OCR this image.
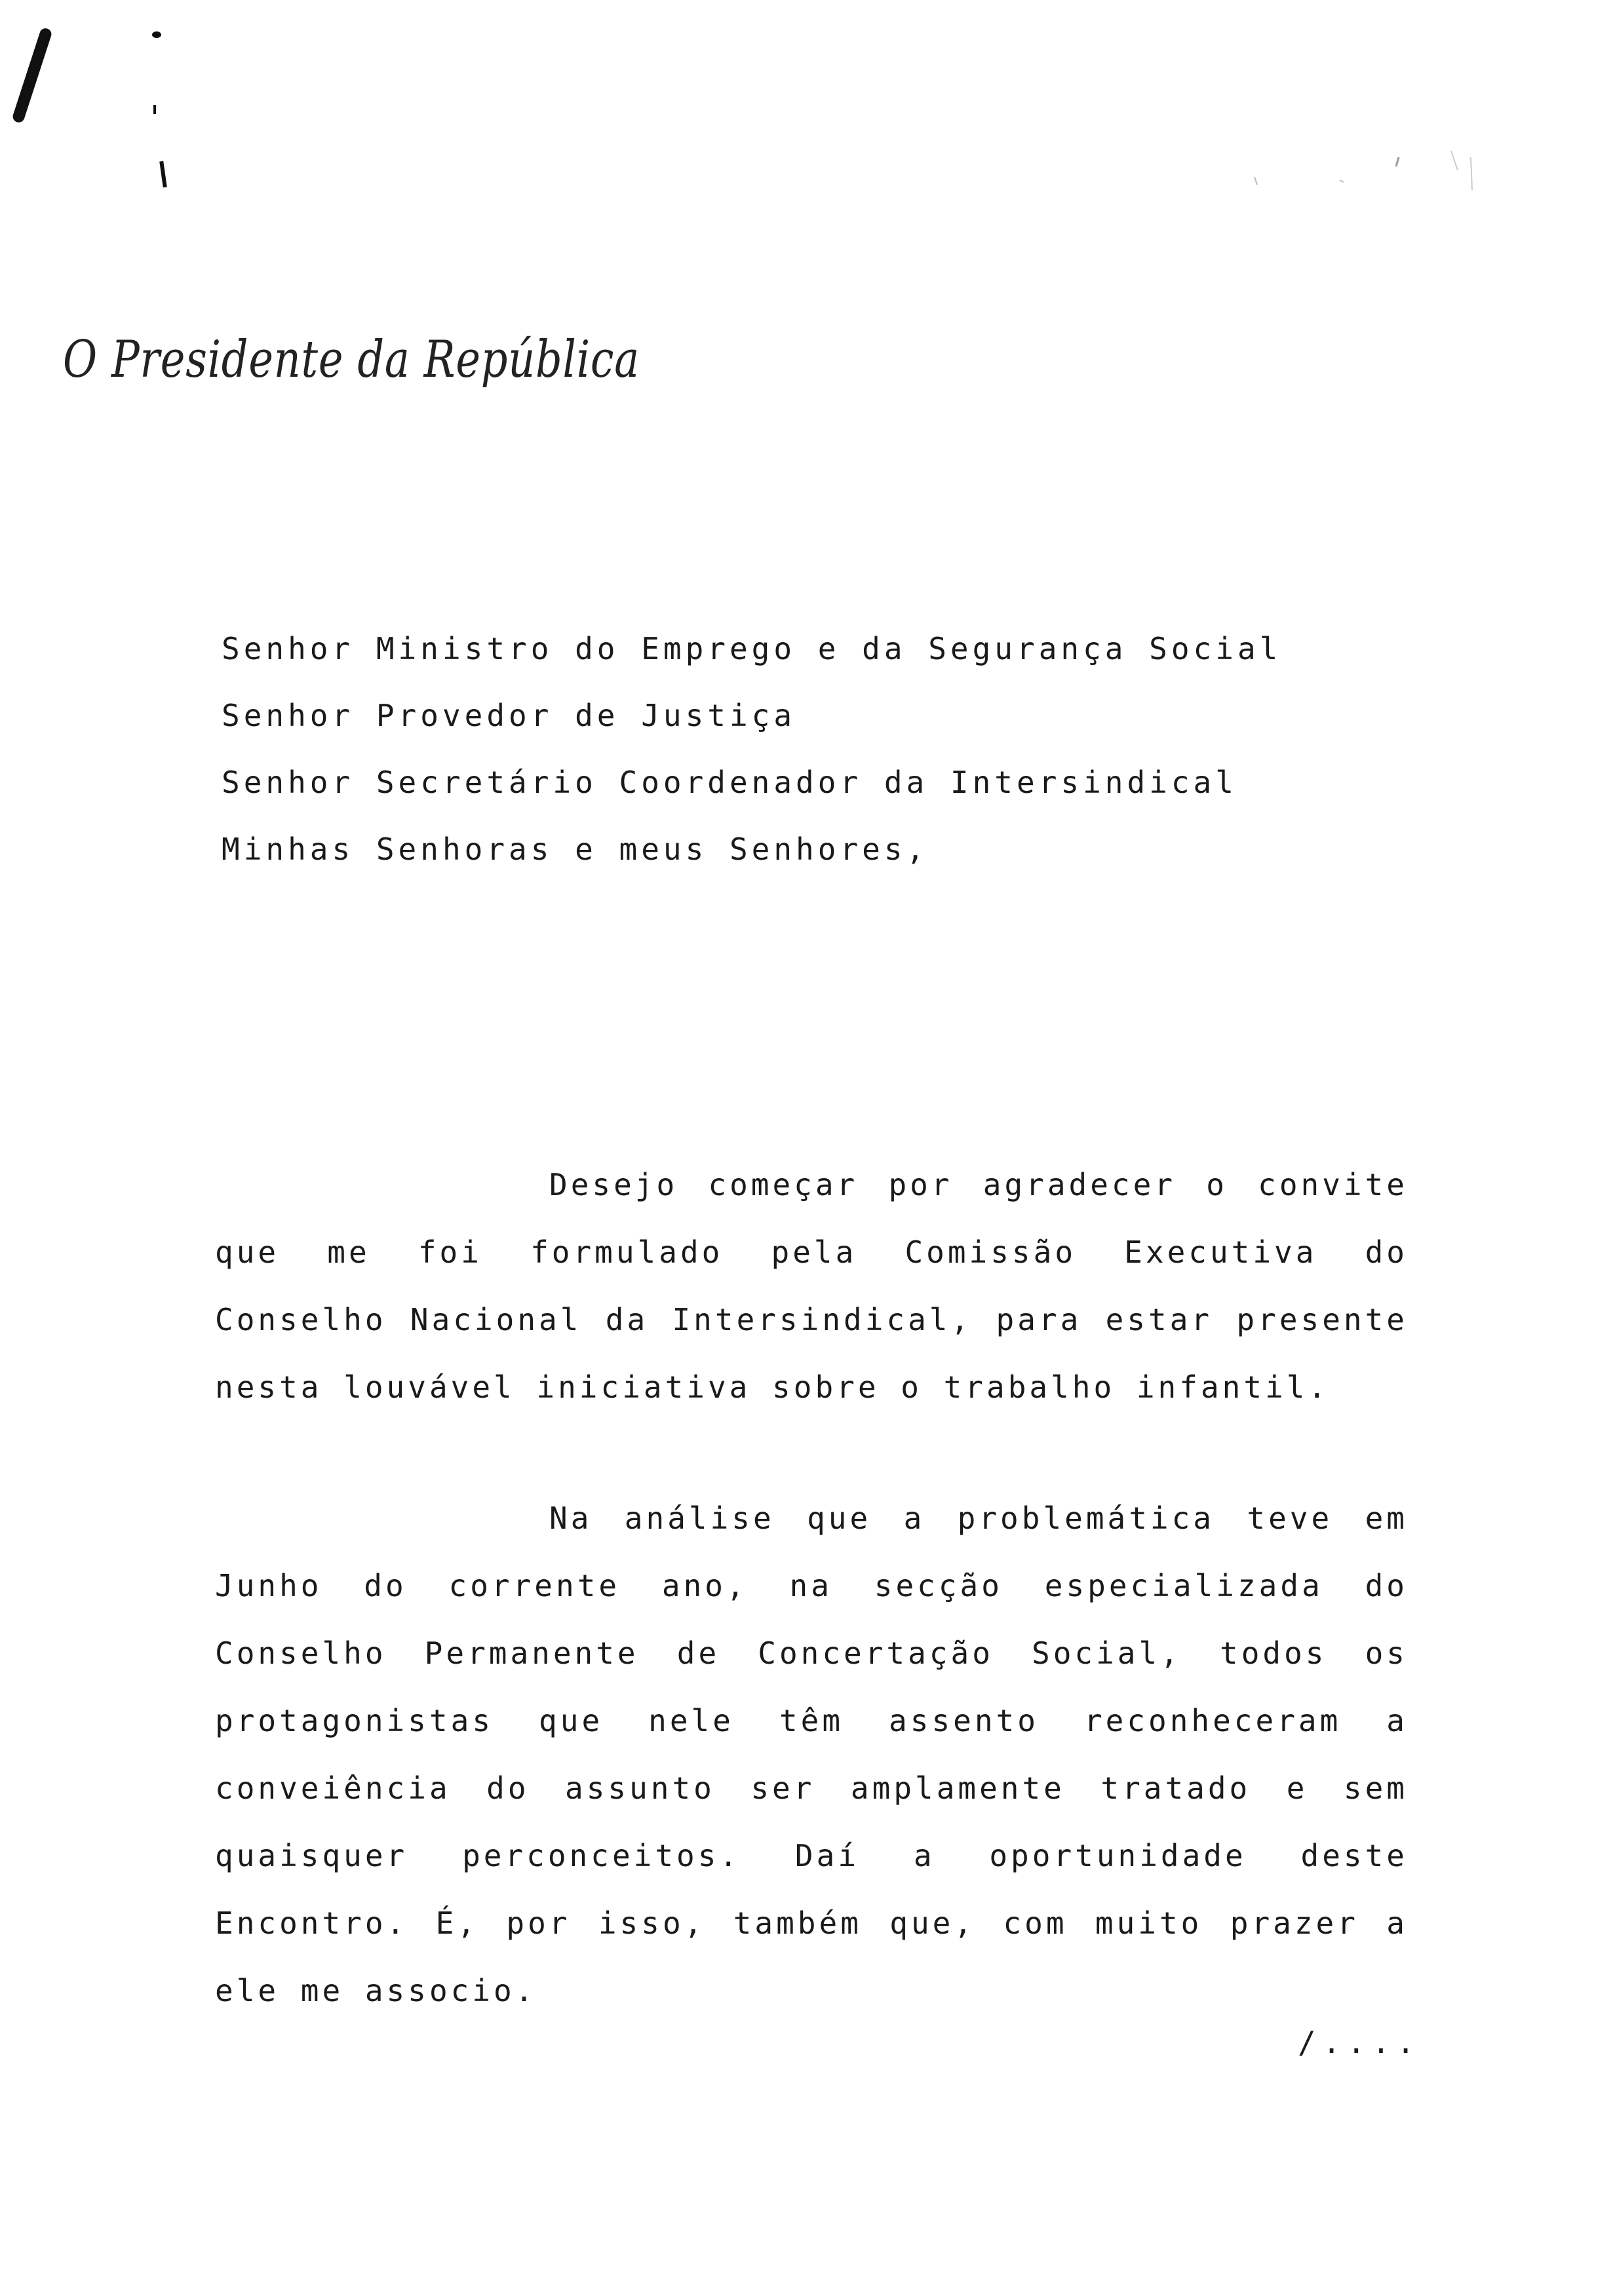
O Presidente da República
Senhor Ministro do Emprego e da Segurança Social
Senhor Provedor de Justiça
Senhor Secretário Coordenador da Intersindical
Minhas Senhoras e meus Senhores,

Desejo começar por agradecer o convite que me foi formulado pela Comissão Executiva do Conselho Nacional da Intersindical, para estar presente nesta louvável iniciativa sobre o trabalho infantil.

Na análise que a problemática teve em Junho do corrente ano, na secção especializada do Conselho Permanente de Concertação Social, todos os protagonistas que nele têm assento reconheceram a conveiência do assunto ser amplamente tratado e sem quaisquer perconceitos. Daí a oportunidade deste Encontro. É, por isso, também que, com muito prazer a ele me associo.

/....
